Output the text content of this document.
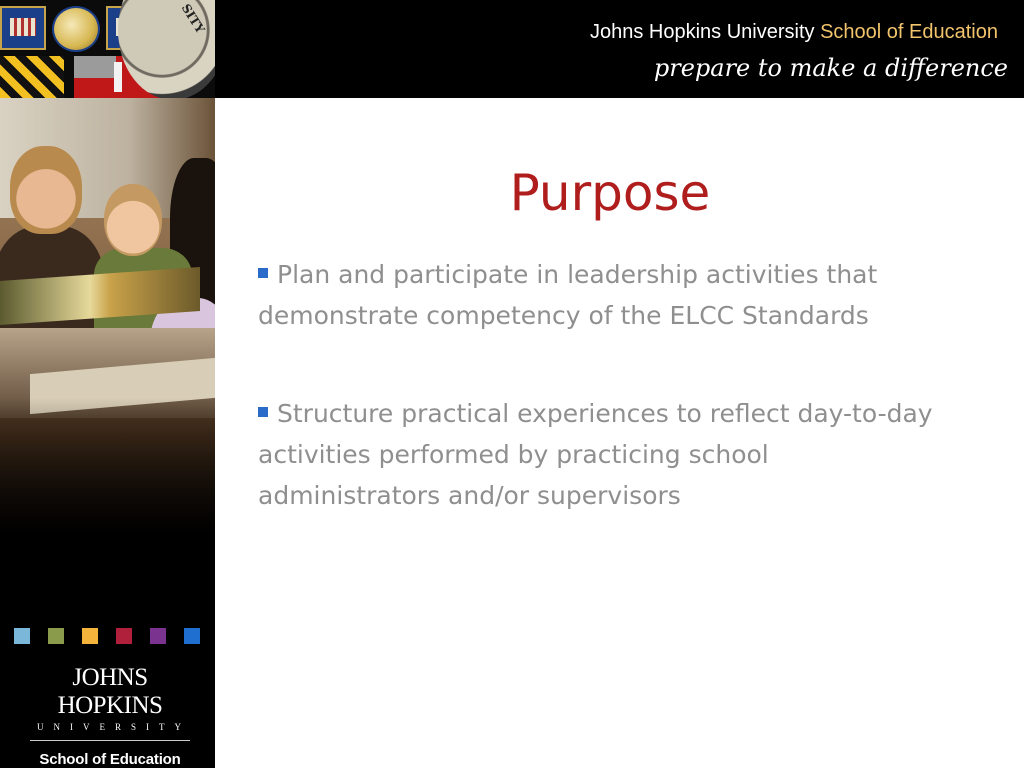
SITY	Johns Hopkins University School of Education
prepare to make a difference
JOHNS HOPKINS
UNIVERSITY
School of Education
Purpose
Plan and participate in leadership activities that demonstrate competency of the ELCC Standards
Structure practical experiences to reflect day-to-day activities performed by practicing school administrators and/or supervisors
